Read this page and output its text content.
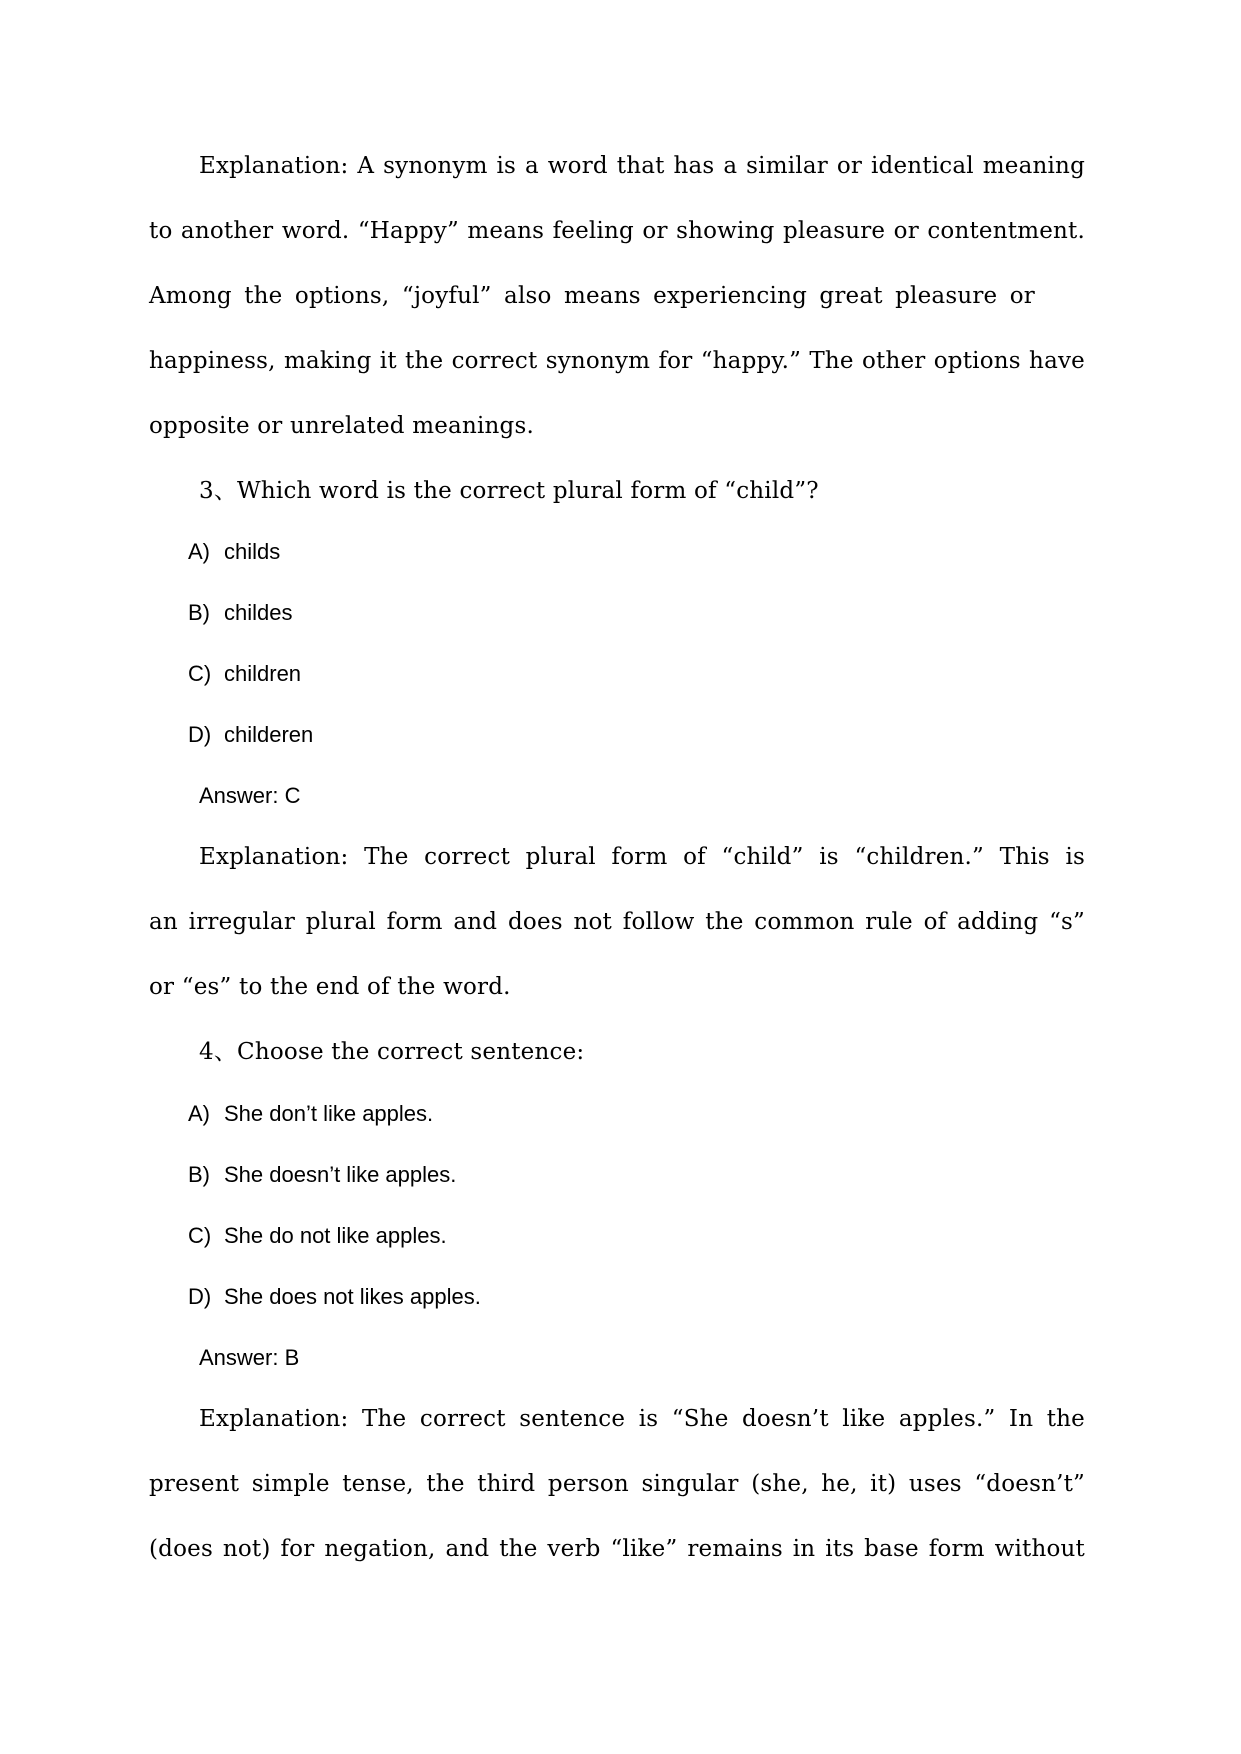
Explanation: A synonym is a word that has a similar or identical meaning
to another word. “Happy” means feeling or showing pleasure or contentment.
Among the options, “joyful” also means experiencing great pleasure or
happiness, making it the correct synonym for “happy.” The other options have
opposite or unrelated meanings.
3、Which word is the correct plural form of “child”?
A) childs
B) childes
C) children
D) childeren
Answer: C
Explanation: The correct plural form of “child” is “children.” This is
an irregular plural form and does not follow the common rule of adding “s”
or “es” to the end of the word.
4、Choose the correct sentence:
A) She don’t like apples.
B) She doesn’t like apples.
C) She do not like apples.
D) She does not likes apples.
Answer: B
Explanation: The correct sentence is “She doesn’t like apples.” In the
present simple tense, the third person singular (she, he, it) uses “doesn’t”
(does not) for negation, and the verb “like” remains in its base form without
